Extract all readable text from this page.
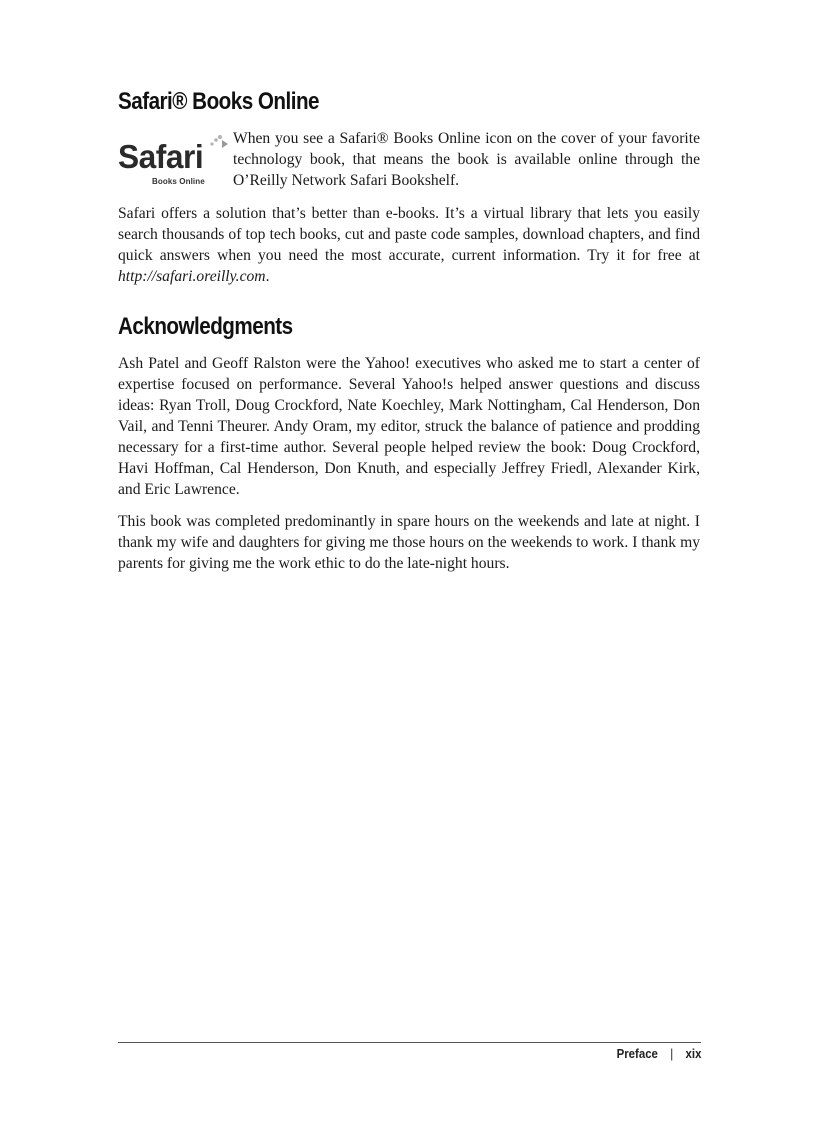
Safari® Books Online
Safari
Books Online

When you see a Safari® Books Online icon on the cover of your favorite technology book, that means the book is available online through the O’Reilly Network Safari Bookshelf.

Safari offers a solution that’s better than e-books. It’s a virtual library that lets you easily search thousands of top tech books, cut and paste code samples, download chapters, and find quick answers when you need the most accurate, current information. Try it for free at http://safari.oreilly.com.

Acknowledgments

Ash Patel and Geoff Ralston were the Yahoo! executives who asked me to start a center of expertise focused on performance. Several Yahoo!s helped answer questions and discuss ideas: Ryan Troll, Doug Crockford, Nate Koechley, Mark Nottingham, Cal Henderson, Don Vail, and Tenni Theurer. Andy Oram, my editor, struck the balance of patience and prodding necessary for a first-time author. Several people helped review the book: Doug Crockford, Havi Hoffman, Cal Henderson, Don Knuth, and especially Jeffrey Friedl, Alexander Kirk, and Eric Lawrence.

This book was completed predominantly in spare hours on the weekends and late at night. I thank my wife and daughters for giving me those hours on the weekends to work. I thank my parents for giving me the work ethic to do the late-night hours.

Preface | xix
